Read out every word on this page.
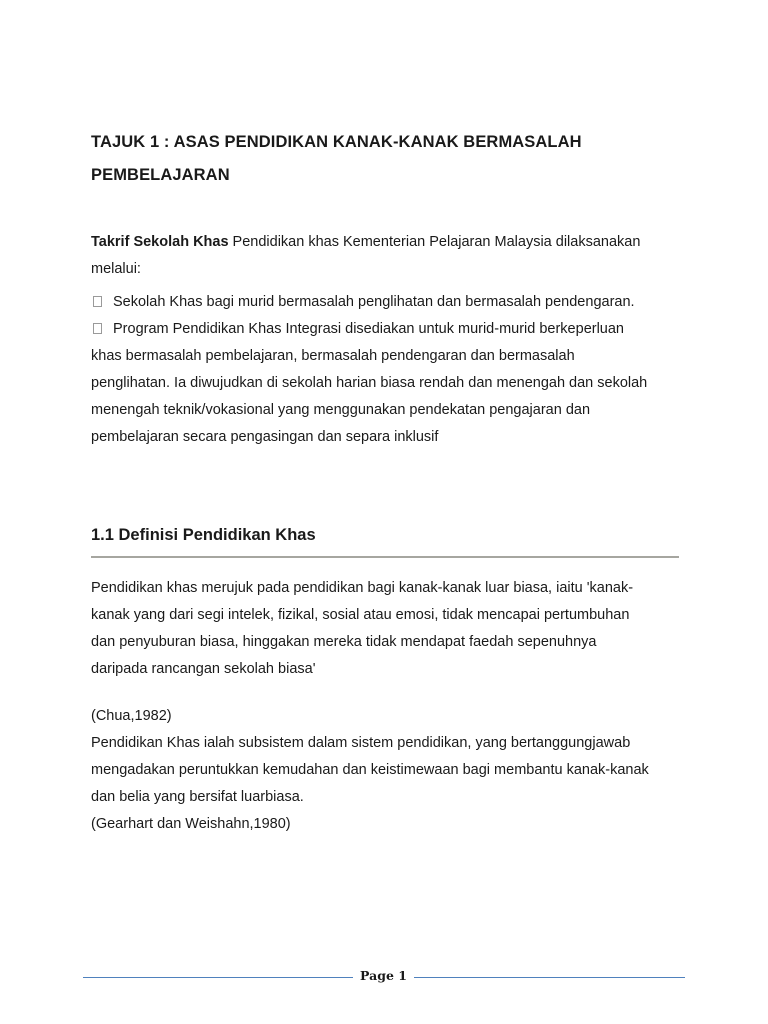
TAJUK 1 : ASAS PENDIDIKAN KANAK-KANAK BERMASALAH
PEMBELAJARAN

Takrif Sekolah Khas Pendidikan khas Kementerian Pelajaran Malaysia dilaksanakan
melalui:

Sekolah Khas bagi murid bermasalah penglihatan dan bermasalah pendengaran.
Program Pendidikan Khas Integrasi disediakan untuk murid-murid berkeperluan
khas bermasalah pembelajaran, bermasalah pendengaran dan bermasalah
penglihatan. Ia diwujudkan di sekolah harian biasa rendah dan menengah dan sekolah
menengah teknik/vokasional yang menggunakan pendekatan pengajaran dan
pembelajaran secara pengasingan dan separa inklusif
1.1 Definisi Pendidikan Khas

Pendidikan khas merujuk pada pendidikan bagi kanak-kanak luar biasa, iaitu 'kanak-
kanak yang dari segi intelek, fizikal, sosial atau emosi, tidak mencapai pertumbuhan
dan penyuburan biasa, hinggakan mereka tidak mendapat faedah sepenuhnya
daripada rancangan sekolah biasa'

(Chua,1982)
Pendidikan Khas ialah subsistem dalam sistem pendidikan, yang bertanggungjawab
mengadakan peruntukkan kemudahan dan keistimewaan bagi membantu kanak-kanak
dan belia yang bersifat luarbiasa.
(Gearhart dan Weishahn,1980)

Page 1
